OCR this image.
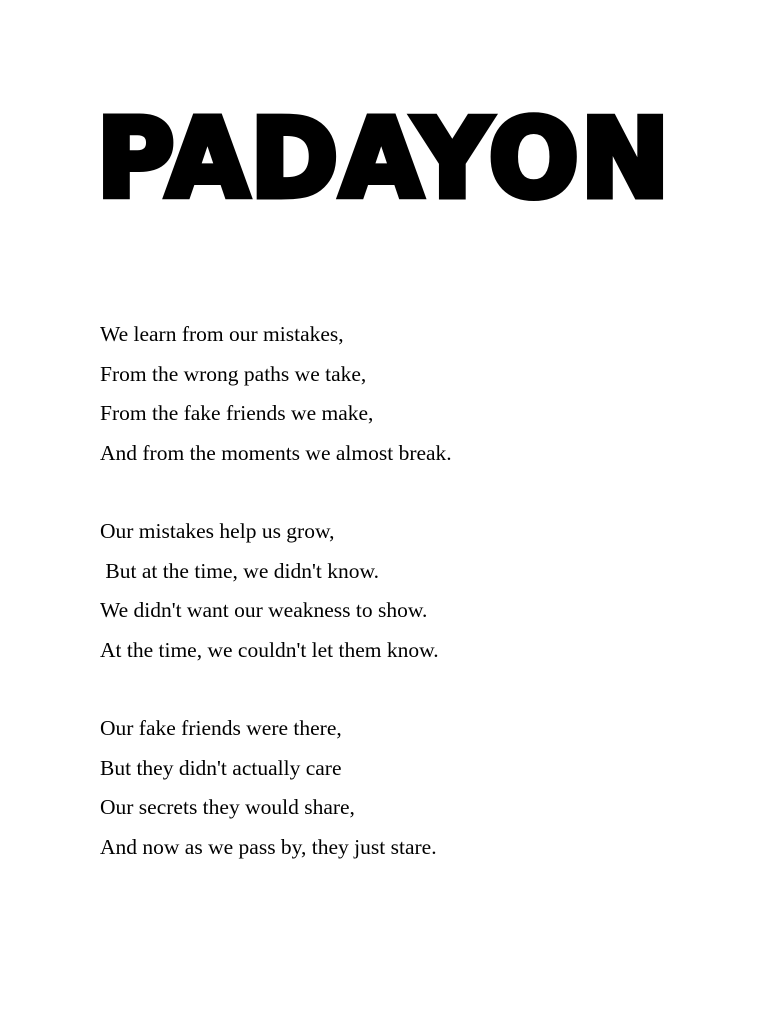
PADAYON
We learn from our mistakes,
From the wrong paths we take,
From the fake friends we make,
And from the moments we almost break.
Our mistakes help us grow,
But at the time, we didn't know.
We didn't want our weakness to show.
At the time, we couldn't let them know.
Our fake friends were there,
But they didn't actually care
Our secrets they would share,
And now as we pass by, they just stare.
